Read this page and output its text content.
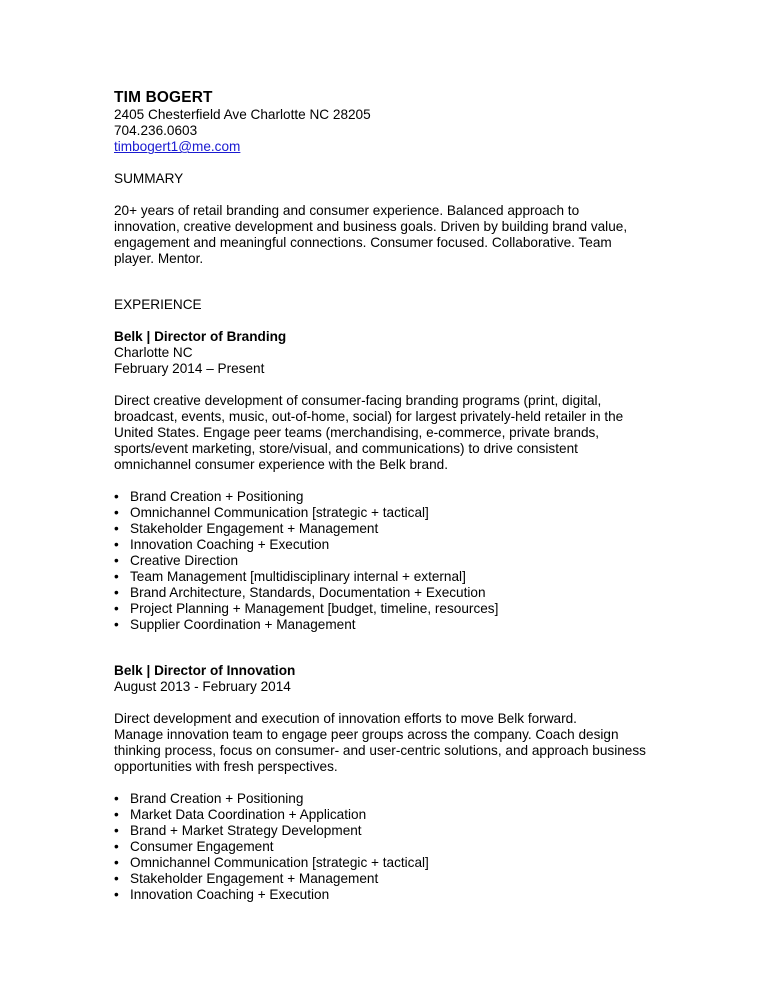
TIM BOGERT
2405 Chesterfield Ave Charlotte NC 28205
704.236.0603
timbogert1@me.com
SUMMARY
20+ years of retail branding and consumer experience. Balanced approach to
innovation, creative development and business goals. Driven by building brand value,
engagement and meaningful connections. Consumer focused. Collaborative. Team
player. Mentor.
EXPERIENCE
Belk | Director of Branding
Charlotte NC
February 2014 – Present
Direct creative development of consumer-facing branding programs (print, digital,
broadcast, events, music, out-of-home, social) for largest privately-held retailer in the
United States. Engage peer teams (merchandising, e-commerce, private brands,
sports/event marketing, store/visual, and communications) to drive consistent
omnichannel consumer experience with the Belk brand.
• Brand Creation + Positioning
• Omnichannel Communication [strategic + tactical]
• Stakeholder Engagement + Management
• Innovation Coaching + Execution
• Creative Direction
• Team Management [multidisciplinary internal + external]
• Brand Architecture, Standards, Documentation + Execution
• Project Planning + Management [budget, timeline, resources]
• Supplier Coordination + Management
Belk | Director of Innovation
August 2013 - February 2014
Direct development and execution of innovation efforts to move Belk forward.
Manage innovation team to engage peer groups across the company. Coach design
thinking process, focus on consumer- and user-centric solutions, and approach business
opportunities with fresh perspectives.
• Brand Creation + Positioning
• Market Data Coordination + Application
• Brand + Market Strategy Development
• Consumer Engagement
• Omnichannel Communication [strategic + tactical]
• Stakeholder Engagement + Management
• Innovation Coaching + Execution
